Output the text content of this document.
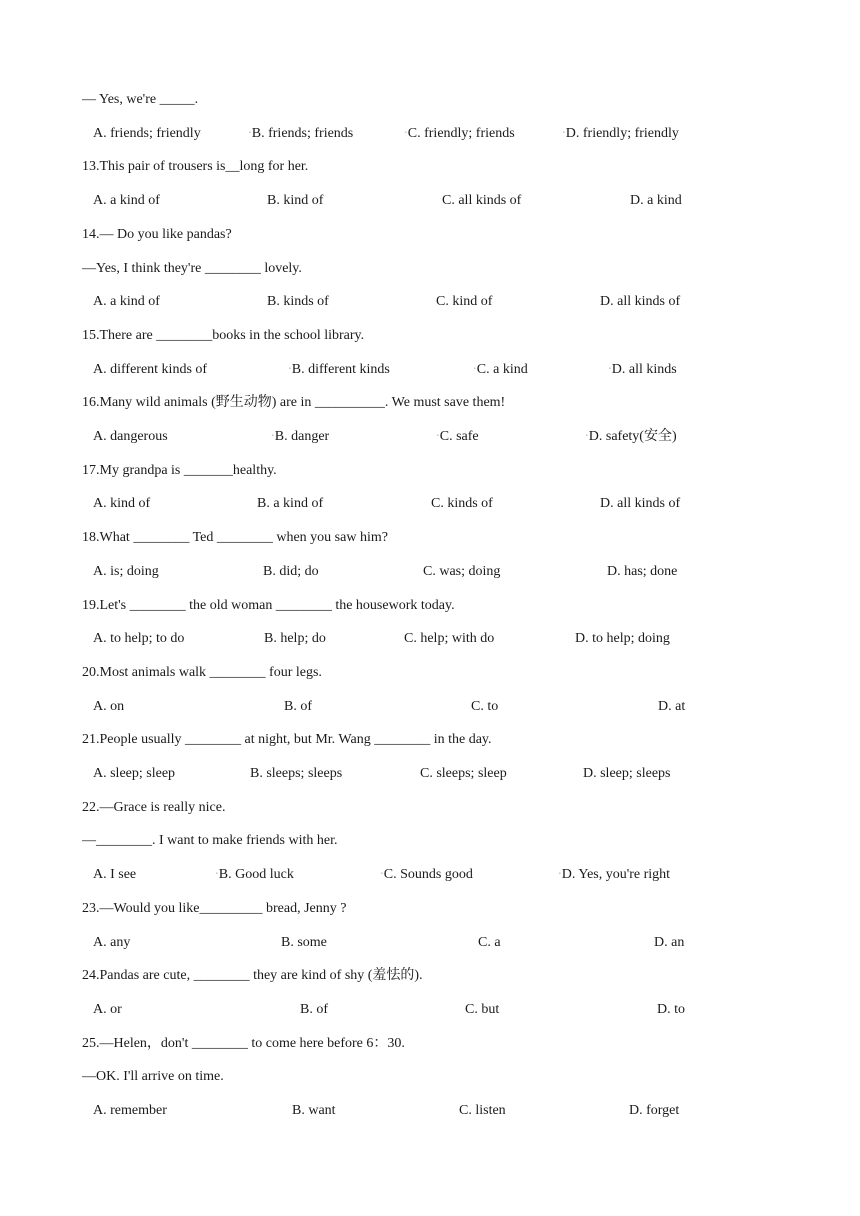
— Yes, we're _____.
A. friends; friendly	•B. friends; friends	•C. friendly; friends	•D. friendly; friendly
13.This pair of trousers is__long for her.
A. a kind of	B. kind of	C. all kinds of	D. a kind
14.— Do you like pandas?
—Yes, I think they're ________ lovely.
A. a kind of	B. kinds of	C. kind of	D. all kinds of
15.There are ________books in the school library.
A. different kinds of	•B. different kinds	•C. a kind	•D. all kinds
16.Many wild animals (野生动物) are in __________. We must save them!
A. dangerous	•B. danger	•C. safe	•D. safety(安全)
17.My grandpa is _______healthy.
A. kind of	B. a kind of	C. kinds of	D. all kinds of
18.What ________ Ted ________ when you saw him?
A. is; doing	B. did; do	C. was; doing	D. has; done
19.Let's ________ the old woman ________ the housework today.
A. to help; to do	B. help; do	C. help; with do	D. to help; doing
20.Most animals walk ________ four legs.
A. on	B. of	C. to	D. at
21.People usually ________ at night, but Mr. Wang ________ in the day.
A. sleep; sleep	B. sleeps; sleeps	C. sleeps; sleep	D. sleep; sleeps
22.—Grace is really nice.
—________. I want to make friends with her.
A. I see	•B. Good luck	•C. Sounds good	•D. Yes, you're right
23.—Would you like_________ bread, Jenny ?
A. any	B. some	C. a	D. an
24.Pandas are cute, ________ they are kind of shy (羞怯的).
A. or	B. of	C. but	D. to
25.—Helen，don't ________ to come here before 6：30.
—OK. I'll arrive on time.
A. remember	B. want	C. listen	D. forget
